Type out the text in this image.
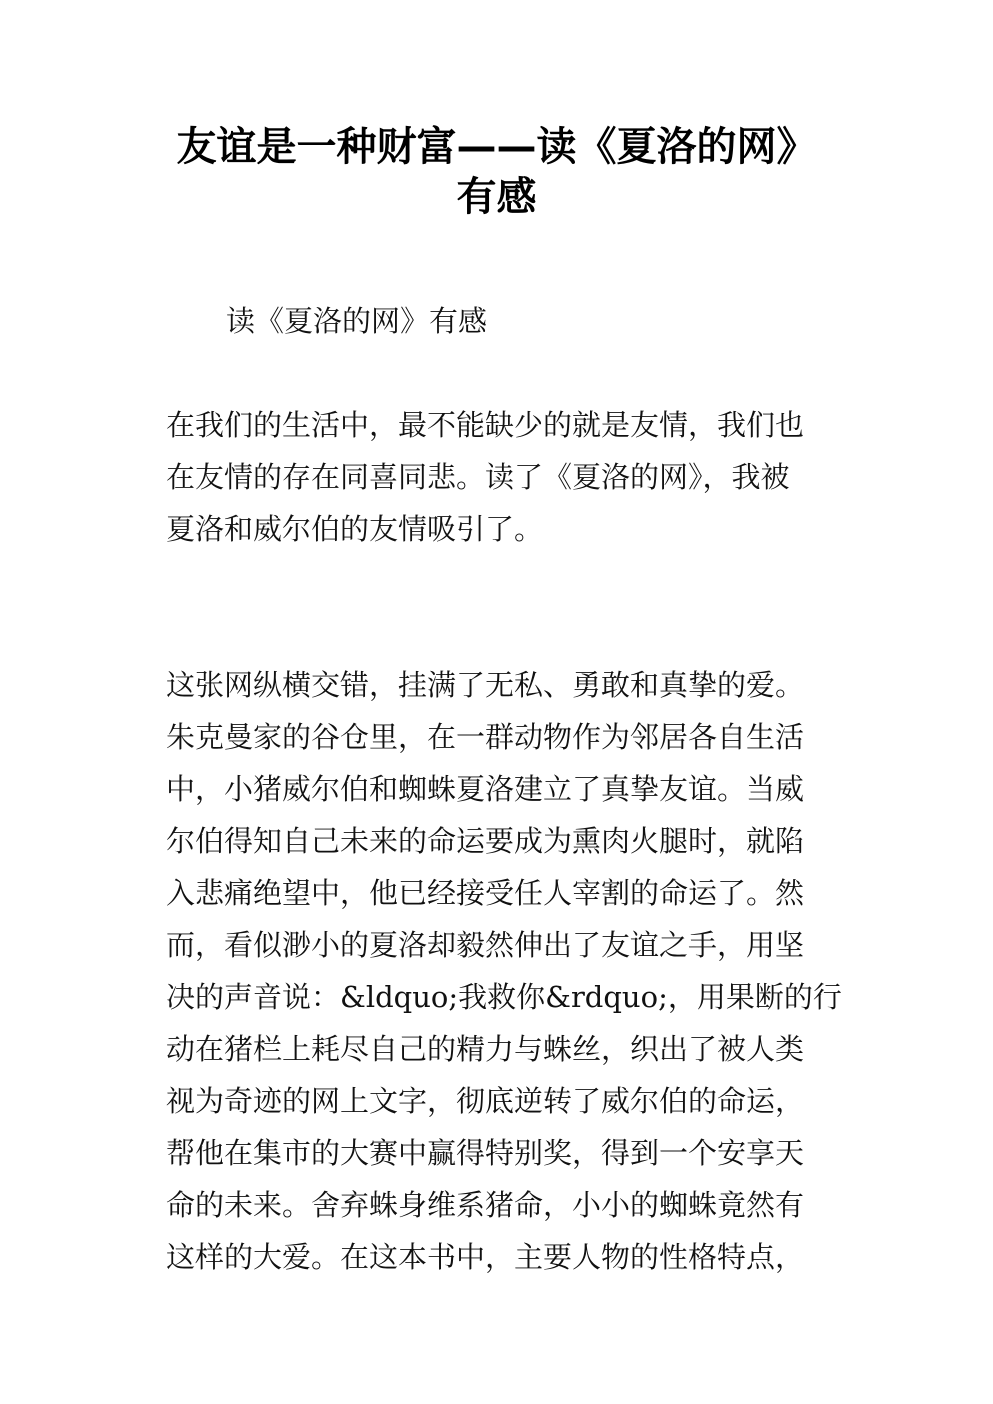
友谊是一种财富——读《夏洛的网》
有感

读《夏洛的网》有感

在我们的生活中，最不能缺少的就是友情，我们也
在友情的存在同喜同悲。读了《夏洛的网》，我被
夏洛和威尔伯的友情吸引了。
这张网纵横交错，挂满了无私、勇敢和真挚的爱。
朱克曼家的谷仓里，在一群动物作为邻居各自生活
中，小猪威尔伯和蜘蛛夏洛建立了真挚友谊。当威
尔伯得知自己未来的命运要成为熏肉火腿时，就陷
入悲痛绝望中，他已经接受任人宰割的命运了。然
而，看似渺小的夏洛却毅然伸出了友谊之手，用坚
决的声音说：&ldquo;我救你&rdquo;，用果断的行
动在猪栏上耗尽自己的精力与蛛丝，织出了被人类
视为奇迹的网上文字，彻底逆转了威尔伯的命运，
帮他在集市的大赛中赢得特别奖，得到一个安享天
命的未来。舍弃蛛身维系猪命，小小的蜘蛛竟然有
这样的大爱。在这本书中，主要人物的性格特点，
